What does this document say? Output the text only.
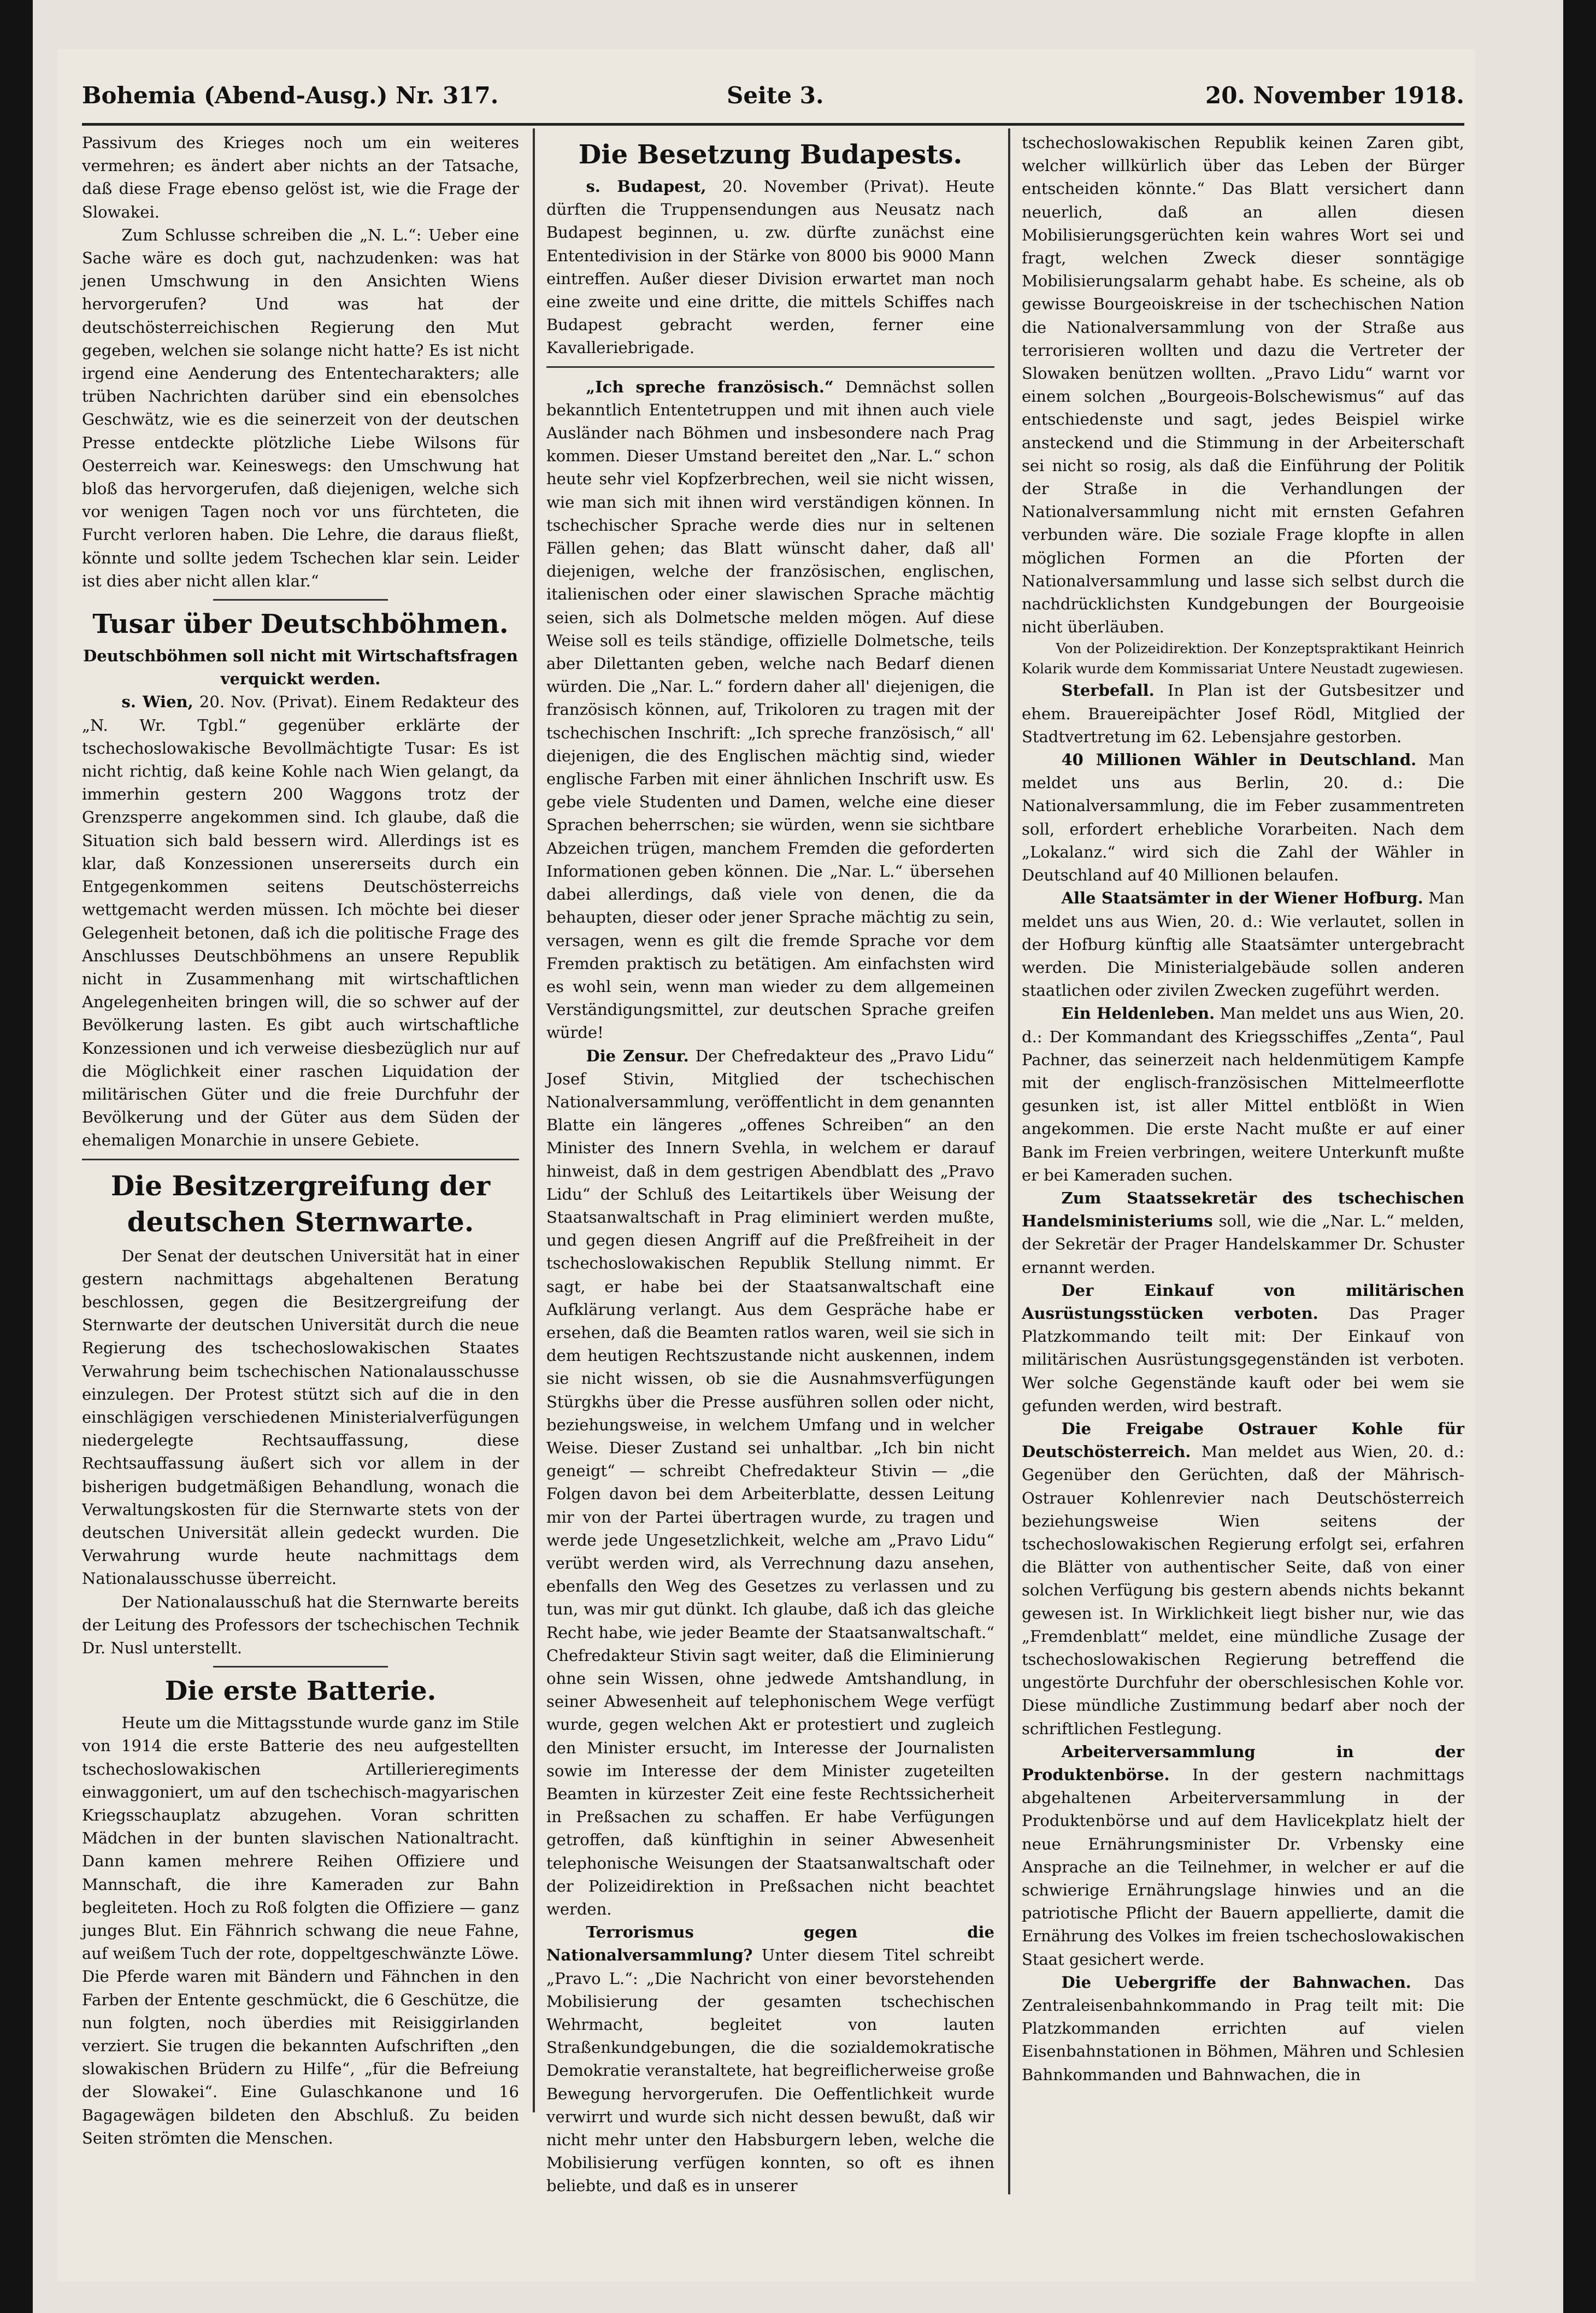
Bohemia (Abend-Ausg.) Nr. 317.	Seite 3.	20. November 1918.

Passivum des Krieges noch um ein weiteres vermehren; es ändert aber nichts an der Tatsache, daß diese Frage ebenso gelöst ist, wie die Frage der Slowakei.

Zum Schlusse schreiben die „N. L.“: Ueber eine Sache wäre es doch gut, nachzudenken: was hat jenen Umschwung in den Ansichten Wiens hervorgerufen? Und was hat der deutschösterreichischen Regierung den Mut gegeben, welchen sie solange nicht hatte? Es ist nicht irgend eine Aenderung des Ententecharakters; alle trüben Nachrichten darüber sind ein ebensolches Geschwätz, wie es die seinerzeit von der deutschen Presse entdeckte plötzliche Liebe Wilsons für Oesterreich war. Keineswegs: den Umschwung hat bloß das hervorgerufen, daß diejenigen, welche sich vor wenigen Tagen noch vor uns fürchteten, die Furcht verloren haben. Die Lehre, die daraus fließt, könnte und sollte jedem Tschechen klar sein. Leider ist dies aber nicht allen klar.“

Tusar über Deutschböhmen.

Deutschböhmen soll nicht mit Wirtschaftsfragen verquickt werden.

s. Wien, 20. Nov. (Privat). Einem Redakteur des „N. Wr. Tgbl.“ gegenüber erklärte der tschechoslowakische Bevollmächtigte Tusar: Es ist nicht richtig, daß keine Kohle nach Wien gelangt, da immerhin gestern 200 Waggons trotz der Grenzsperre angekommen sind. Ich glaube, daß die Situation sich bald bessern wird. Allerdings ist es klar, daß Konzessionen unsererseits durch ein Entgegenkommen seitens Deutschösterreichs wettgemacht werden müssen. Ich möchte bei dieser Gelegenheit betonen, daß ich die politische Frage des Anschlusses Deutschböhmens an unsere Republik nicht in Zusammenhang mit wirtschaftlichen Angelegenheiten bringen will, die so schwer auf der Bevölkerung lasten. Es gibt auch wirtschaftliche Konzessionen und ich verweise diesbezüglich nur auf die Möglichkeit einer raschen Liquidation der militärischen Güter und die freie Durchfuhr der Bevölkerung und der Güter aus dem Süden der ehemaligen Monarchie in unsere Gebiete.

Die Besitzergreifung der deutschen Sternwarte.

Der Senat der deutschen Universität hat in einer gestern nachmittags abgehaltenen Beratung beschlossen, gegen die Besitzergreifung der Sternwarte der deutschen Universität durch die neue Regierung des tschechoslowakischen Staates Verwahrung beim tschechischen Nationalausschusse einzulegen. Der Protest stützt sich auf die in den einschlägigen verschiedenen Ministerialverfügungen niedergelegte Rechtsauffassung, diese Rechtsauffassung äußert sich vor allem in der bisherigen budgetmäßigen Behandlung, wonach die Verwaltungskosten für die Sternwarte stets von der deutschen Universität allein gedeckt wurden. Die Verwahrung wurde heute nachmittags dem Nationalausschusse überreicht.

Der Nationalausschuß hat die Sternwarte bereits der Leitung des Professors der tschechischen Technik Dr. Nusl unterstellt.

Die erste Batterie.

Heute um die Mittagsstunde wurde ganz im Stile von 1914 die erste Batterie des neu aufgestellten tschechoslowakischen Artillerieregiments einwaggoniert, um auf den tschechisch-magyarischen Kriegsschauplatz abzugehen. Voran schritten Mädchen in der bunten slavischen Nationaltracht. Dann kamen mehrere Reihen Offiziere und Mannschaft, die ihre Kameraden zur Bahn begleiteten. Hoch zu Roß folgten die Offiziere — ganz junges Blut. Ein Fähnrich schwang die neue Fahne, auf weißem Tuch der rote, doppeltgeschwänzte Löwe. Die Pferde waren mit Bändern und Fähnchen in den Farben der Entente geschmückt, die 6 Geschütze, die nun folgten, noch überdies mit Reisiggirlanden verziert. Sie trugen die bekannten Aufschriften „den slowakischen Brüdern zu Hilfe“, „für die Befreiung der Slowakei“. Eine Gulaschkanone und 16 Bagagewägen bildeten den Abschluß. Zu beiden Seiten strömten die Menschen.

Die Besetzung Budapests.

s. Budapest, 20. November (Privat). Heute dürften die Truppensendungen aus Neusatz nach Budapest beginnen, u. zw. dürfte zunächst eine Ententedivision in der Stärke von 8000 bis 9000 Mann eintreffen. Außer dieser Division erwartet man noch eine zweite und eine dritte, die mittels Schiffes nach Budapest gebracht werden, ferner eine Kavalleriebrigade.

„Ich spreche französisch.“ Demnächst sollen bekanntlich Ententetruppen und mit ihnen auch viele Ausländer nach Böhmen und insbesondere nach Prag kommen. Dieser Umstand bereitet den „Nar. L.“ schon heute sehr viel Kopfzerbrechen, weil sie nicht wissen, wie man sich mit ihnen wird verständigen können. In tschechischer Sprache werde dies nur in seltenen Fällen gehen; das Blatt wünscht daher, daß all' diejenigen, welche der französischen, englischen, italienischen oder einer slawischen Sprache mächtig seien, sich als Dolmetsche melden mögen. Auf diese Weise soll es teils ständige, offizielle Dolmetsche, teils aber Dilettanten geben, welche nach Bedarf dienen würden. Die „Nar. L.“ fordern daher all' diejenigen, die französisch können, auf, Trikoloren zu tragen mit der tschechischen Inschrift: „Ich spreche französisch,“ all' diejenigen, die des Englischen mächtig sind, wieder englische Farben mit einer ähnlichen Inschrift usw. Es gebe viele Studenten und Damen, welche eine dieser Sprachen beherrschen; sie würden, wenn sie sichtbare Abzeichen trügen, manchem Fremden die geforderten Informationen geben können. Die „Nar. L.“ übersehen dabei allerdings, daß viele von denen, die da behaupten, dieser oder jener Sprache mächtig zu sein, versagen, wenn es gilt die fremde Sprache vor dem Fremden praktisch zu betätigen. Am einfachsten wird es wohl sein, wenn man wieder zu dem allgemeinen Verständigungsmittel, zur deutschen Sprache greifen würde!

Die Zensur. Der Chefredakteur des „Pravo Lidu“ Josef Stivin, Mitglied der tschechischen Nationalversammlung, veröffentlicht in dem genannten Blatte ein längeres „offenes Schreiben“ an den Minister des Innern Svehla, in welchem er darauf hinweist, daß in dem gestrigen Abendblatt des „Pravo Lidu“ der Schluß des Leitartikels über Weisung der Staatsanwaltschaft in Prag eliminiert werden mußte, und gegen diesen Angriff auf die Preßfreiheit in der tschechoslowakischen Republik Stellung nimmt. Er sagt, er habe bei der Staatsanwaltschaft eine Aufklärung verlangt. Aus dem Gespräche habe er ersehen, daß die Beamten ratlos waren, weil sie sich in dem heutigen Rechtszustande nicht auskennen, indem sie nicht wissen, ob sie die Ausnahmsverfügungen Stürgkhs über die Presse ausführen sollen oder nicht, beziehungsweise, in welchem Umfang und in welcher Weise. Dieser Zustand sei unhaltbar. „Ich bin nicht geneigt“ — schreibt Chefredakteur Stivin — „die Folgen davon bei dem Arbeiterblatte, dessen Leitung mir von der Partei übertragen wurde, zu tragen und werde jede Ungesetzlichkeit, welche am „Pravo Lidu“ verübt werden wird, als Verrechnung dazu ansehen, ebenfalls den Weg des Gesetzes zu verlassen und zu tun, was mir gut dünkt. Ich glaube, daß ich das gleiche Recht habe, wie jeder Beamte der Staatsanwaltschaft.“ Chefredakteur Stivin sagt weiter, daß die Eliminierung ohne sein Wissen, ohne jedwede Amtshandlung, in seiner Abwesenheit auf telephonischem Wege verfügt wurde, gegen welchen Akt er protestiert und zugleich den Minister ersucht, im Interesse der Journalisten sowie im Interesse der dem Minister zugeteilten Beamten in kürzester Zeit eine feste Rechtssicherheit in Preßsachen zu schaffen. Er habe Verfügungen getroffen, daß künftighin in seiner Abwesenheit telephonische Weisungen der Staatsanwaltschaft oder der Polizeidirektion in Preßsachen nicht beachtet werden.

Terrorismus gegen die Nationalversammlung? Unter diesem Titel schreibt „Pravo L.“: „Die Nachricht von einer bevorstehenden Mobilisierung der gesamten tschechischen Wehrmacht, begleitet von lauten Straßenkundgebungen, die die sozialdemokratische Demokratie veranstaltete, hat begreiflicherweise große Bewegung hervorgerufen. Die Oeffentlichkeit wurde verwirrt und wurde sich nicht dessen bewußt, daß wir nicht mehr unter den Habsburgern leben, welche die Mobilisierung verfügen konnten, so oft es ihnen beliebte, und daß es in unserer

tschechoslowakischen Republik keinen Zaren gibt, welcher willkürlich über das Leben der Bürger entscheiden könnte.“ Das Blatt versichert dann neuerlich, daß an allen diesen Mobilisierungsgerüchten kein wahres Wort sei und fragt, welchen Zweck dieser sonntägige Mobilisierungsalarm gehabt habe. Es scheine, als ob gewisse Bourgeoiskreise in der tschechischen Nation die Nationalversammlung von der Straße aus terrorisieren wollten und dazu die Vertreter der Slowaken benützen wollten. „Pravo Lidu“ warnt vor einem solchen „Bourgeois-Bolschewismus“ auf das entschiedenste und sagt, jedes Beispiel wirke ansteckend und die Stimmung in der Arbeiterschaft sei nicht so rosig, als daß die Einführung der Politik der Straße in die Verhandlungen der Nationalversammlung nicht mit ernsten Gefahren verbunden wäre. Die soziale Frage klopfte in allen möglichen Formen an die Pforten der Nationalversammlung und lasse sich selbst durch die nachdrücklichsten Kundgebungen der Bourgeoisie nicht überläuben.

Von der Polizeidirektion. Der Konzeptspraktikant Heinrich Kolarik wurde dem Kommissariat Untere Neustadt zugewiesen.

Sterbefall. In Plan ist der Gutsbesitzer und ehem. Brauereipächter Josef Rödl, Mitglied der Stadtvertretung im 62. Lebensjahre gestorben.

40 Millionen Wähler in Deutschland. Man meldet uns aus Berlin, 20. d.: Die Nationalversammlung, die im Feber zusammentreten soll, erfordert erhebliche Vorarbeiten. Nach dem „Lokalanz.“ wird sich die Zahl der Wähler in Deutschland auf 40 Millionen belaufen.

Alle Staatsämter in der Wiener Hofburg. Man meldet uns aus Wien, 20. d.: Wie verlautet, sollen in der Hofburg künftig alle Staatsämter untergebracht werden. Die Ministerialgebäude sollen anderen staatlichen oder zivilen Zwecken zugeführt werden.

Ein Heldenleben. Man meldet uns aus Wien, 20. d.: Der Kommandant des Kriegsschiffes „Zenta“, Paul Pachner, das seinerzeit nach heldenmütigem Kampfe mit der englisch-französischen Mittelmeerflotte gesunken ist, ist aller Mittel entblößt in Wien angekommen. Die erste Nacht mußte er auf einer Bank im Freien verbringen, weitere Unterkunft mußte er bei Kameraden suchen.

Zum Staatssekretär des tschechischen Handelsministeriums soll, wie die „Nar. L.“ melden, der Sekretär der Prager Handelskammer Dr. Schuster ernannt werden.

Der Einkauf von militärischen Ausrüstungsstücken verboten. Das Prager Platzkommando teilt mit: Der Einkauf von militärischen Ausrüstungsgegenständen ist verboten. Wer solche Gegenstände kauft oder bei wem sie gefunden werden, wird bestraft.

Die Freigabe Ostrauer Kohle für Deutschösterreich. Man meldet aus Wien, 20. d.: Gegenüber den Gerüchten, daß der Mährisch-Ostrauer Kohlenrevier nach Deutschösterreich beziehungsweise Wien seitens der tschechoslowakischen Regierung erfolgt sei, erfahren die Blätter von authentischer Seite, daß von einer solchen Verfügung bis gestern abends nichts bekannt gewesen ist. In Wirklichkeit liegt bisher nur, wie das „Fremdenblatt“ meldet, eine mündliche Zusage der tschechoslowakischen Regierung betreffend die ungestörte Durchfuhr der oberschlesischen Kohle vor. Diese mündliche Zustimmung bedarf aber noch der schriftlichen Festlegung.

Arbeiterversammlung in der Produktenbörse. In der gestern nachmittags abgehaltenen Arbeiterversammlung in der Produktenbörse und auf dem Havlicekplatz hielt der neue Ernährungsminister Dr. Vrbensky eine Ansprache an die Teilnehmer, in welcher er auf die schwierige Ernährungslage hinwies und an die patriotische Pflicht der Bauern appellierte, damit die Ernährung des Volkes im freien tschechoslowakischen Staat gesichert werde.

Die Uebergriffe der Bahnwachen. Das Zentraleisenbahnkommando in Prag teilt mit: Die Platzkommanden errichten auf vielen Eisenbahnstationen in Böhmen, Mähren und Schlesien Bahnkommanden und Bahnwachen, die in
